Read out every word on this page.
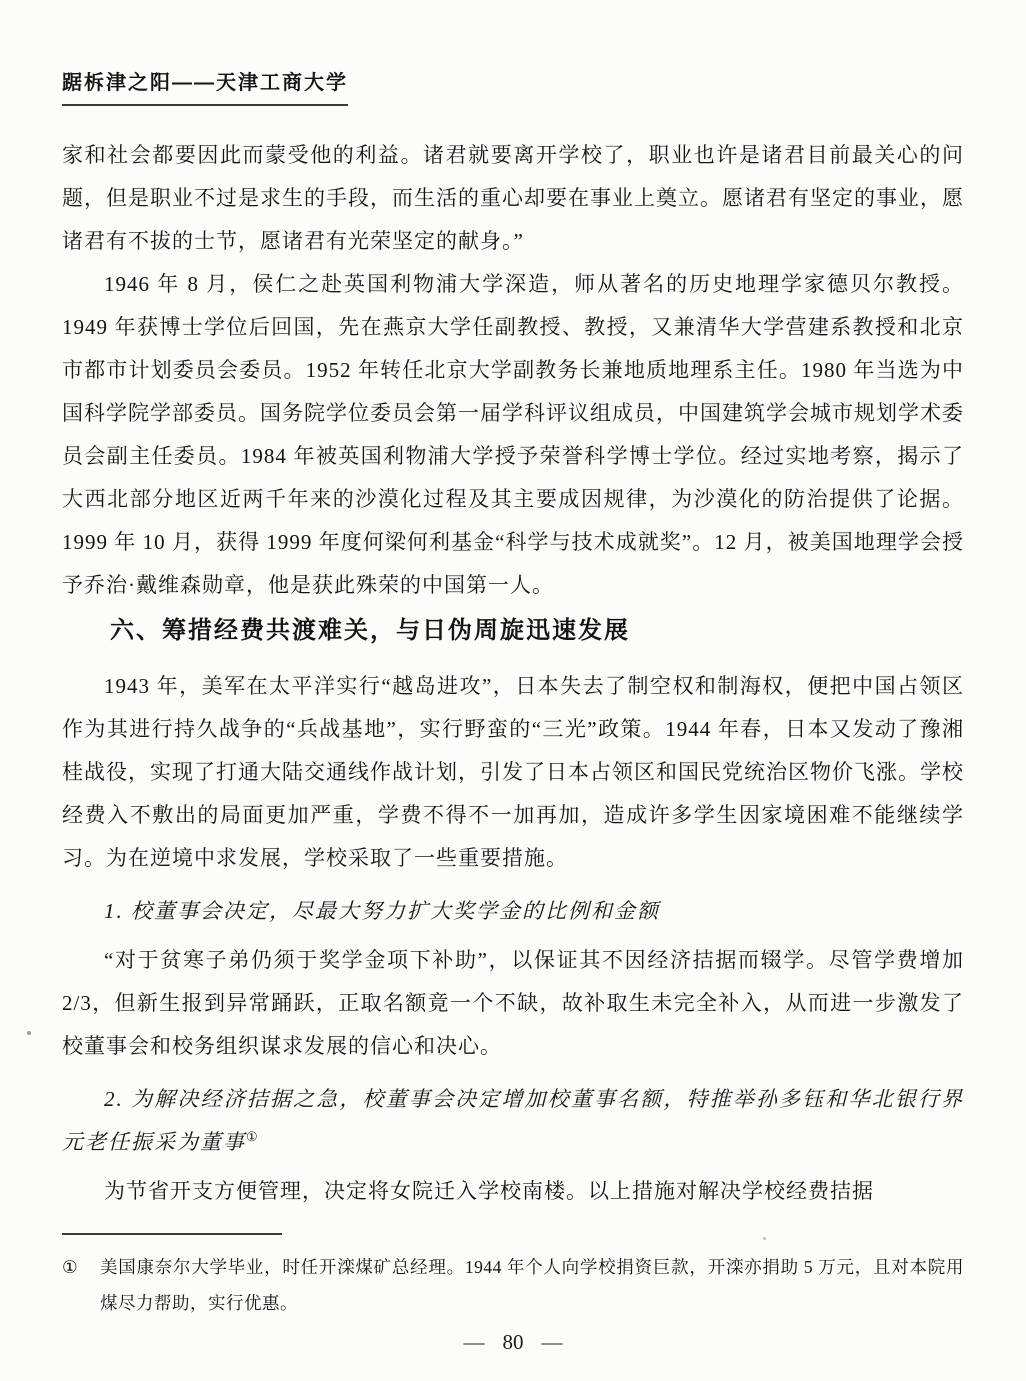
踞柝津之阳——天津工商大学

家和社会都要因此而蒙受他的利益。诸君就要离开学校了，职业也许是诸君目前最关心的问题，但是职业不过是求生的手段，而生活的重心却要在事业上奠立。愿诸君有坚定的事业，愿诸君有不拔的士节，愿诸君有光荣坚定的献身。”

1946 年 8 月，侯仁之赴英国利物浦大学深造，师从著名的历史地理学家德贝尔教授。1949 年获博士学位后回国，先在燕京大学任副教授、教授，又兼清华大学营建系教授和北京市都市计划委员会委员。1952 年转任北京大学副教务长兼地质地理系主任。1980 年当选为中国科学院学部委员。国务院学位委员会第一届学科评议组成员，中国建筑学会城市规划学术委员会副主任委员。1984 年被英国利物浦大学授予荣誉科学博士学位。经过实地考察，揭示了大西北部分地区近两千年来的沙漠化过程及其主要成因规律，为沙漠化的防治提供了论据。1999 年 10 月，获得 1999 年度何梁何利基金“科学与技术成就奖”。12 月，被美国地理学会授予乔治·戴维森勋章，他是获此殊荣的中国第一人。

六、筹措经费共渡难关，与日伪周旋迅速发展

1943 年，美军在太平洋实行“越岛进攻”，日本失去了制空权和制海权，便把中国占领区作为其进行持久战争的“兵战基地”，实行野蛮的“三光”政策。1944 年春，日本又发动了豫湘桂战役，实现了打通大陆交通线作战计划，引发了日本占领区和国民党统治区物价飞涨。学校经费入不敷出的局面更加严重，学费不得不一加再加，造成许多学生因家境困难不能继续学习。为在逆境中求发展，学校采取了一些重要措施。

1. 校董事会决定，尽最大努力扩大奖学金的比例和金额

“对于贫寒子弟仍须于奖学金项下补助”，以保证其不因经济拮据而辍学。尽管学费增加 2/3，但新生报到异常踊跃，正取名额竟一个不缺，故补取生未完全补入，从而进一步激发了校董事会和校务组织谋求发展的信心和决心。

2. 为解决经济拮据之急，校董事会决定增加校董事名额，特推举孙多钰和华北银行界元老任振采为董事①

为节省开支方便管理，决定将女院迁入学校南楼。以上措施对解决学校经费拮据

①	美国康奈尔大学毕业，时任开滦煤矿总经理。1944 年个人向学校捐资巨款，开滦亦捐助 5 万元，且对本院用煤尽力帮助，实行优惠。
— 80 —
